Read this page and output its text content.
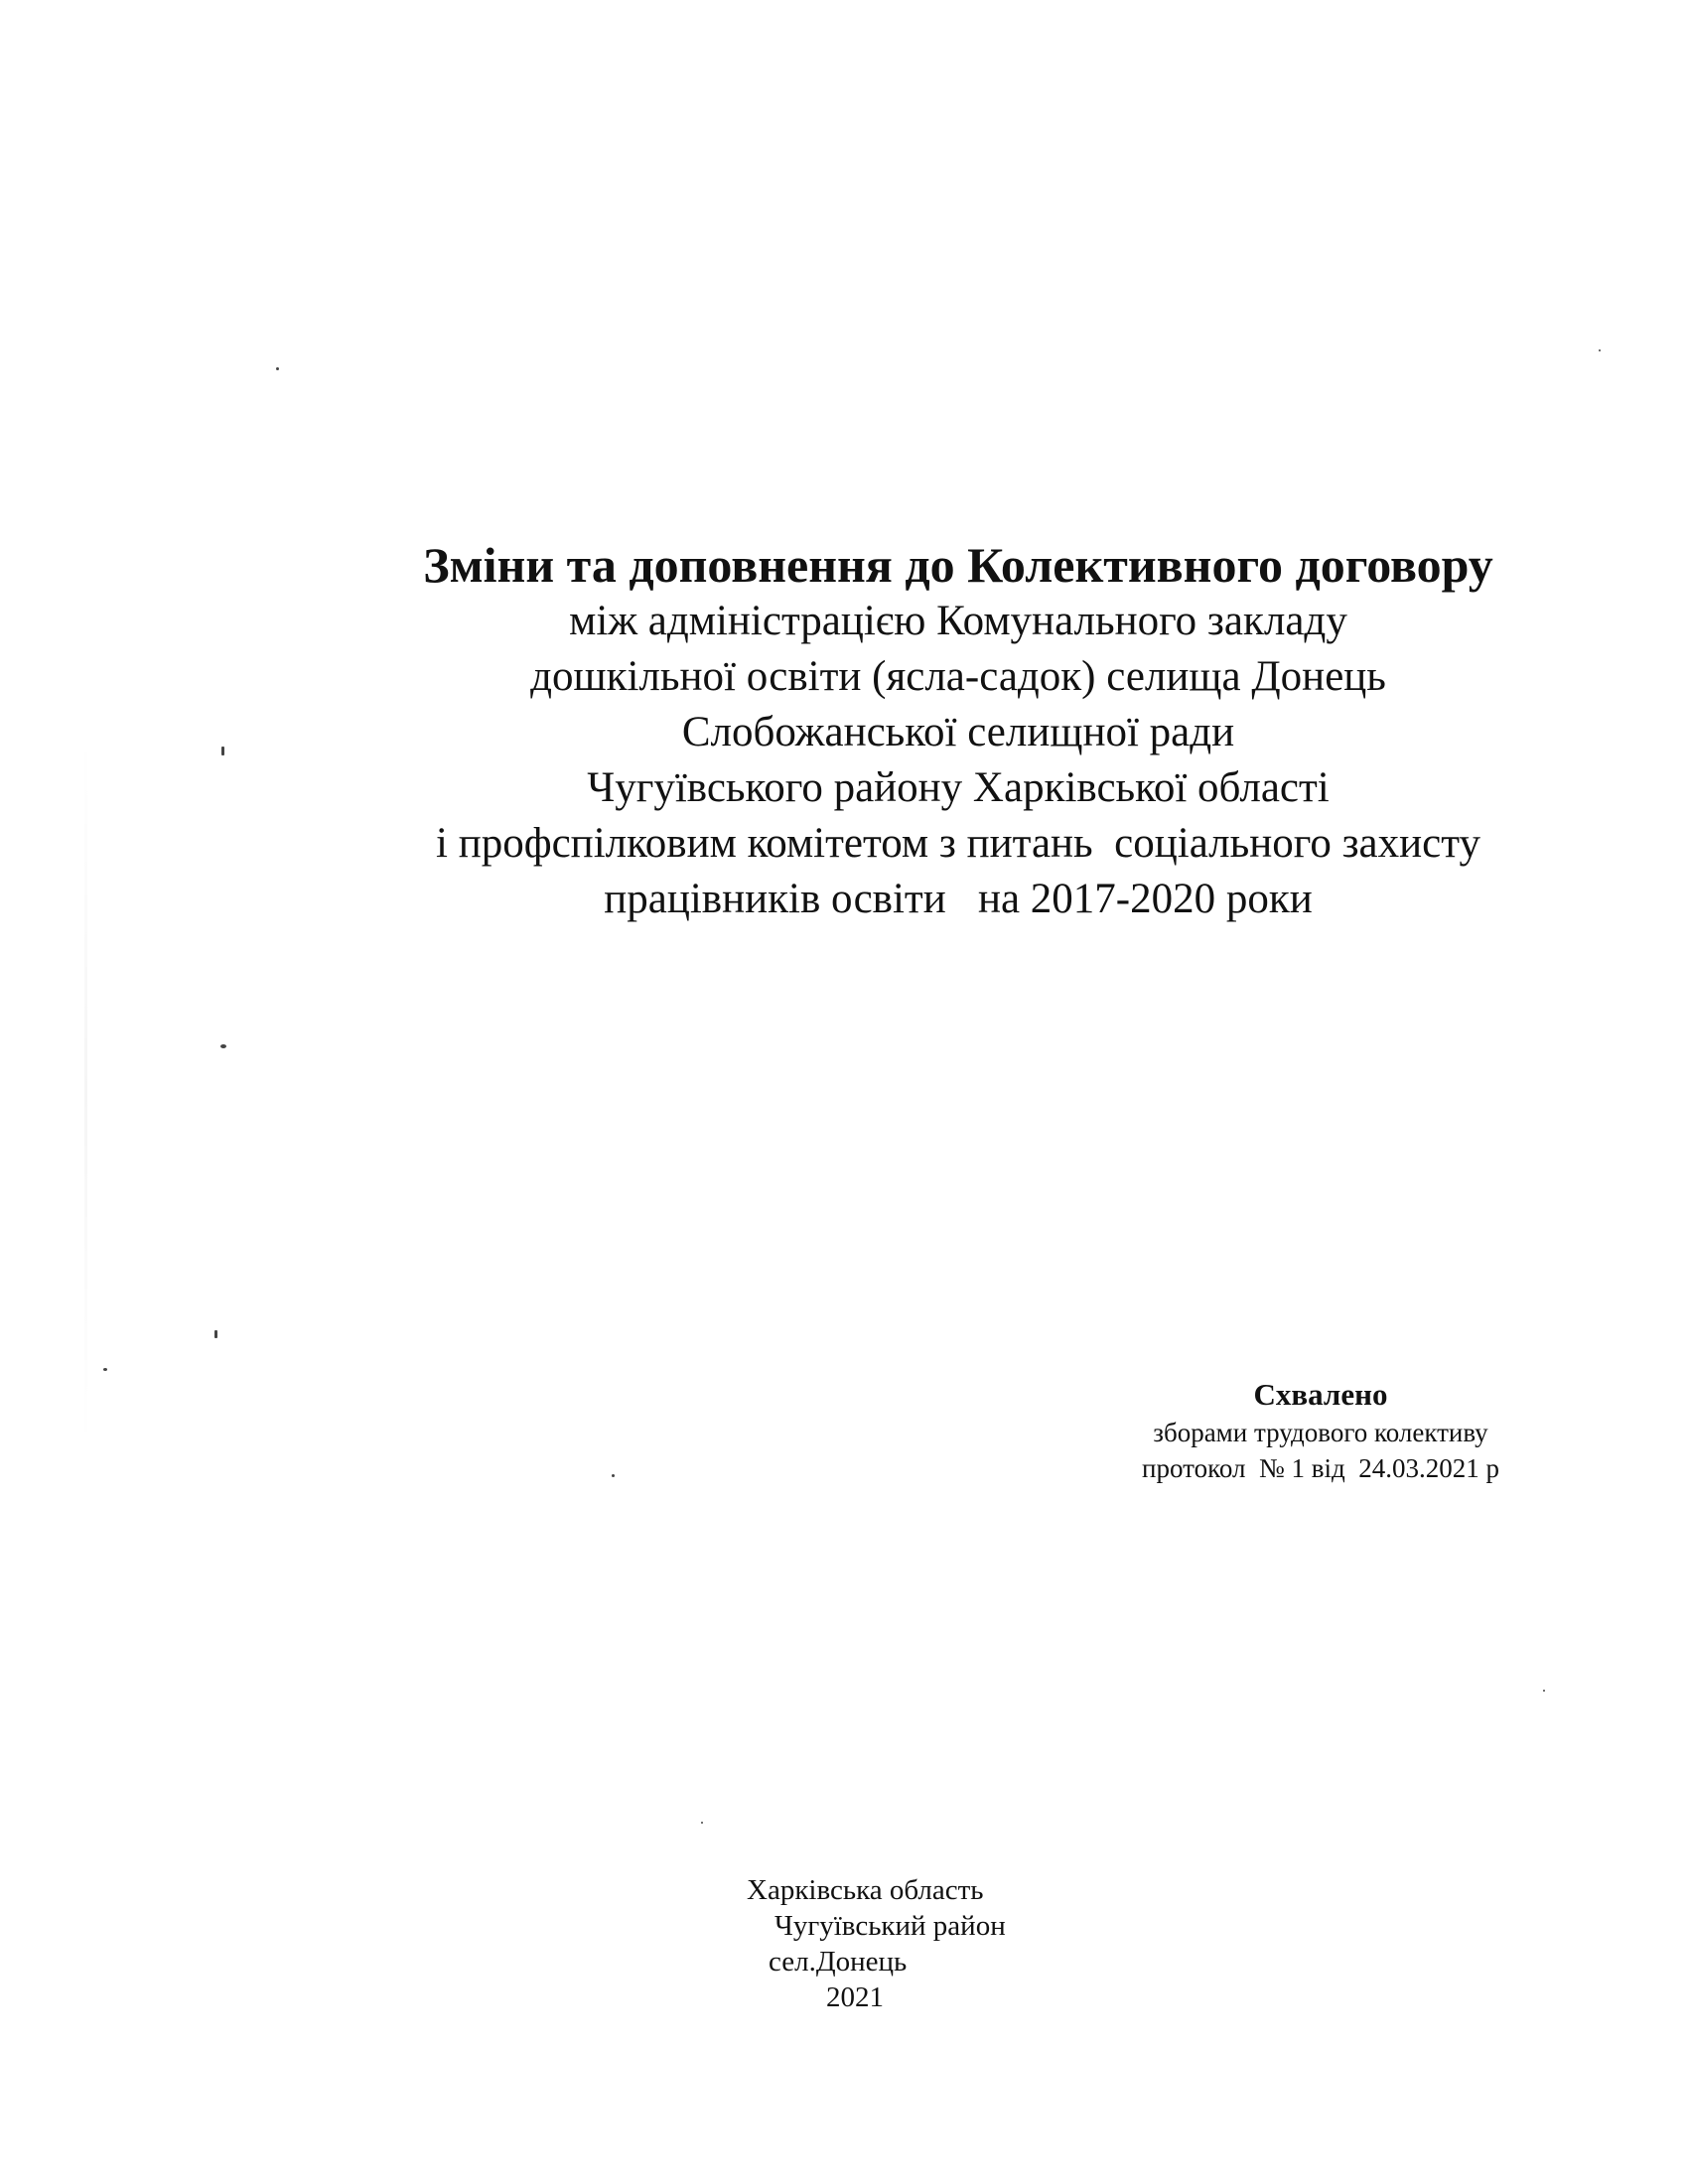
Зміни та доповнення до Колективного договору

між адміністрацією Комунального закладу

дошкільної освіти (ясла-садок) селища Донець

Слобожанської селищної ради

Чугуївського району Харківської області

і профспілковим комітетом з питань  соціального захисту

працівників освіти   на 2017-2020 роки

Схвалено

зборами трудового колективу

протокол  № 1 від  24.03.2021 р

Харківська область

Чугуївський район

сел.Донець

2021
